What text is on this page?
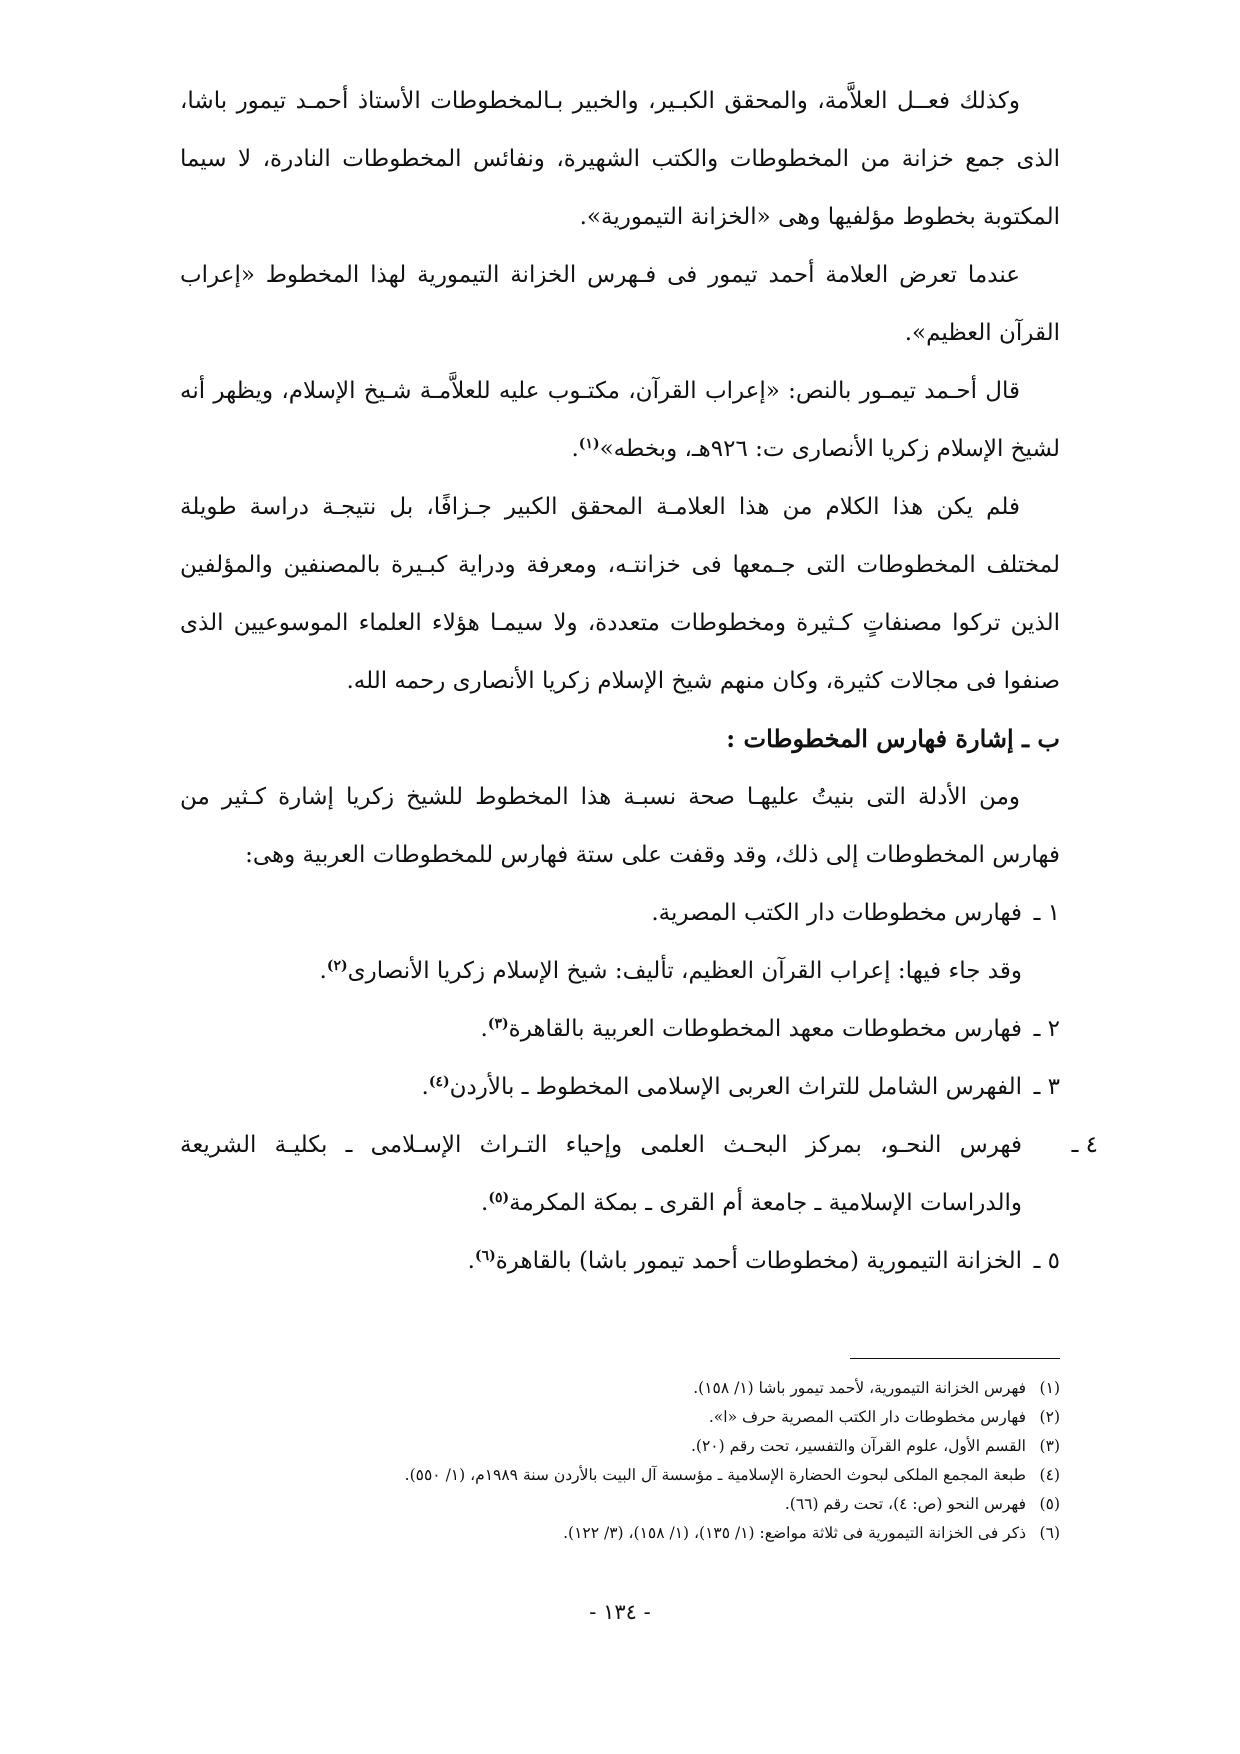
وكذلك فعــل العلاَّمة، والمحقق الكبـير، والخبير بـالمخطوطات الأستاذ أحمـد تيمور باشا، الذى جمع خزانة من المخطوطات والكتب الشهيرة، ونفائس المخطوطات النادرة، لا سيما المكتوبة بخطوط مؤلفيها وهى «الخزانة التيمورية».

عندما تعرض العلامة أحمد تيمور فى فـهرس الخزانة التيمورية لهذا المخطوط «إعراب القرآن العظيم».

قال أحـمد تيمـور بالنص: «إعراب القرآن، مكتـوب عليه للعلاَّمـة شـيخ الإسلام، ويظهر أنه لشيخ الإسلام زكريا الأنصارى ت: ٩٢٦هـ، وبخطه»$^{(١)}$.

فلم يكن هذا الكلام من هذا العلامـة المحقق الكبير جـزافًا، بل نتيجـة دراسة طويلة لمختلف المخطوطات التى جـمعها فى خزانتـه، ومعرفة ودراية كبـيرة بالمصنفين والمؤلفين الذين تركوا مصنفاتٍ كـثيرة ومخطوطات متعددة، ولا سيمـا هؤلاء العلماء الموسوعيين الذى صنفوا فى مجالات كثيرة، وكان منهم شيخ الإسلام زكريا الأنصارى رحمه الله.

ب ـ إشارة فهارس المخطوطات :

ومن الأدلة التى بنيتُ عليهـا صحة نسبـة هذا المخطوط للشيخ زكريا إشارة كـثير من فهارس المخطوطات إلى ذلك، وقد وقفت على ستة فهارس للمخطوطات العربية وهى:

١ ـفهارس مخطوطات دار الكتب المصرية.
وقد جاء فيها: إعراب القرآن العظيم، تأليف: شيخ الإسلام زكريا الأنصارى$^{(٢)}$.
٢ ـفهارس مخطوطات معهد المخطوطات العربية بالقاهرة$^{(٣)}$.
٣ ـالفهرس الشامل للتراث العربى الإسلامى المخطوط ـ بالأردن$^{(٤)}$.
٤ ـفهرس النحـو، بمركز البحـث العلمى وإحياء التـراث الإسـلامى ـ بكليـة الشريعة والدراسات الإسلامية ـ جامعة أم القرى ـ بمكة المكرمة$^{(٥)}$.
٥ ـالخزانة التيمورية (مخطوطات أحمد تيمور باشا) بالقاهرة$^{(٦)}$.

(١)فهرس الخزانة التيمورية، لأحمد تيمور باشا (١/ ١٥٨).

(٢)فهارس مخطوطات دار الكتب المصرية حرف «ا».

(٣)القسم الأول، علوم القرآن والتفسير، تحت رقم (٢٠).

(٤)طبعة المجمع الملكى لبحوث الحضارة الإسلامية ـ مؤسسة آل البيت بالأردن سنة ١٩٨٩م، (١/ ٥٥٠).

(٥)فهرس النحو (ص: ٤)، تحت رقم (٦٦).

(٦)ذكر فى الخزانة التيمورية فى ثلاثة مواضع: (١/ ١٣٥)، (١/ ١٥٨)، (٣/ ١٢٢).

- ١٣٤ -
